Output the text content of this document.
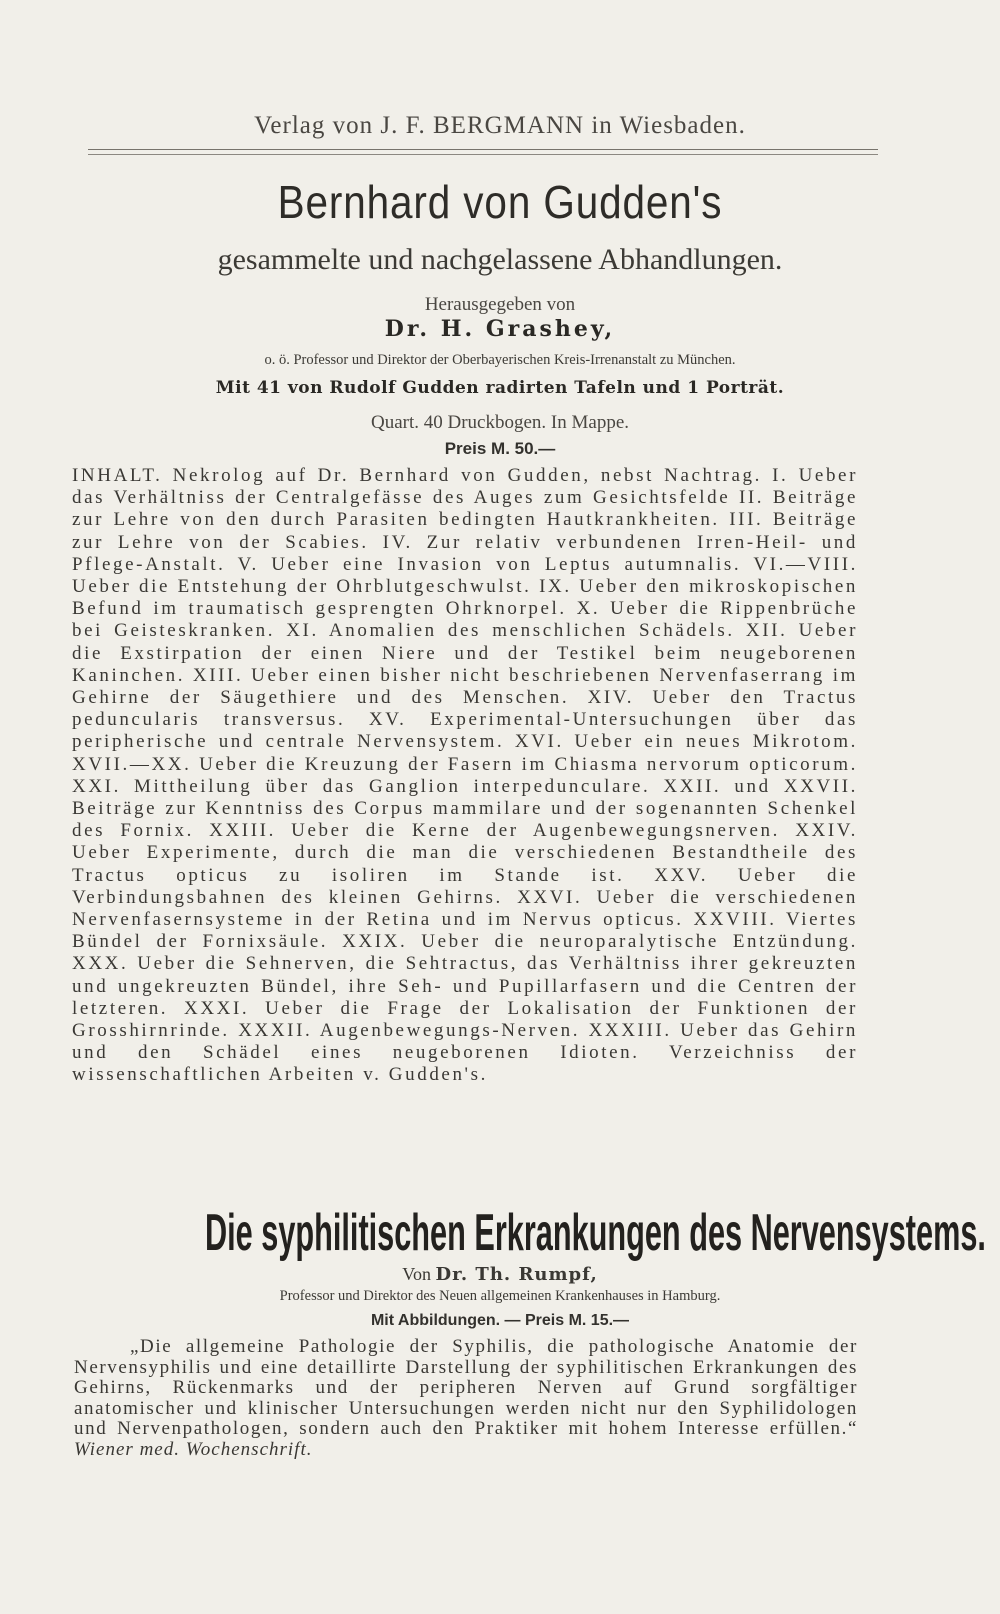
Verlag von J. F. BERGMANN in Wiesbaden.
Bernhard von Gudden's
gesammelte und nachgelassene Abhandlungen.
Herausgegeben von
Dr. H. Grashey,
o. ö. Professor und Direktor der Oberbayerischen Kreis-Irrenanstalt zu München.
Mit 41 von Rudolf Gudden radirten Tafeln und 1 Porträt.
Quart. 40 Druckbogen. In Mappe.
Preis M. 50.—
INHALT. Nekrolog auf Dr. Bernhard von Gudden, nebst Nachtrag. I. Ueber das Verhältniss der Centralgefässe des Auges zum Gesichtsfelde II. Beiträge zur Lehre von den durch Parasiten bedingten Hautkrankheiten. III. Beiträge zur Lehre von der Scabies. IV. Zur relativ verbundenen Irren-Heil- und Pflege-Anstalt. V. Ueber eine Invasion von Leptus autumnalis. VI.—VIII. Ueber die Entstehung der Ohrblutgeschwulst. IX. Ueber den mikroskopischen Befund im traumatisch gesprengten Ohrknorpel. X. Ueber die Rippenbrüche bei Geisteskranken. XI. Anomalien des menschlichen Schädels. XII. Ueber die Exstirpation der einen Niere und der Testikel beim neugeborenen Kaninchen. XIII. Ueber einen bisher nicht beschriebenen Nervenfaserrang im Gehirne der Säugethiere und des Menschen. XIV. Ueber den Tractus peduncularis transversus. XV. Experimental-Untersuchungen über das peripherische und centrale Nervensystem. XVI. Ueber ein neues Mikrotom. XVII.—XX. Ueber die Kreuzung der Fasern im Chiasma nervorum opticorum. XXI. Mittheilung über das Ganglion interpedunculare. XXII. und XXVII. Beiträge zur Kenntniss des Corpus mammilare und der sogenannten Schenkel des Fornix. XXIII. Ueber die Kerne der Augenbewegungsnerven. XXIV. Ueber Experimente, durch die man die verschiedenen Bestandtheile des Tractus opticus zu isoliren im Stande ist. XXV. Ueber die Verbindungsbahnen des kleinen Gehirns. XXVI. Ueber die verschiedenen Nervenfasernsysteme in der Retina und im Nervus opticus. XXVIII. Viertes Bündel der Fornixsäule. XXIX. Ueber die neuroparalytische Entzündung. XXX. Ueber die Sehnerven, die Sehtractus, das Verhältniss ihrer gekreuzten und ungekreuzten Bündel, ihre Seh- und Pupillarfasern und die Centren der letzteren. XXXI. Ueber die Frage der Lokalisation der Funktionen der Grosshirnrinde. XXXII. Augenbewegungs-Nerven. XXXIII. Ueber das Gehirn und den Schädel eines neugeborenen Idioten. Verzeichniss der wissenschaftlichen Arbeiten v. Gudden's.
Die syphilitischen Erkrankungen des Nervensystems.
Von Dr. Th. Rumpf,
Professor und Direktor des Neuen allgemeinen Krankenhauses in Hamburg.
Mit Abbildungen. — Preis M. 15.—
„Die allgemeine Pathologie der Syphilis, die pathologische Anatomie der Nervensyphilis und eine detaillirte Darstellung der syphilitischen Erkrankungen des Gehirns, Rückenmarks und der peripheren Nerven auf Grund sorgfältiger anatomischer und klinischer Untersuchungen werden nicht nur den Syphilidologen und Nervenpathologen, sondern auch den Praktiker mit hohem Interesse erfüllen.“ Wiener med. Wochenschrift.
